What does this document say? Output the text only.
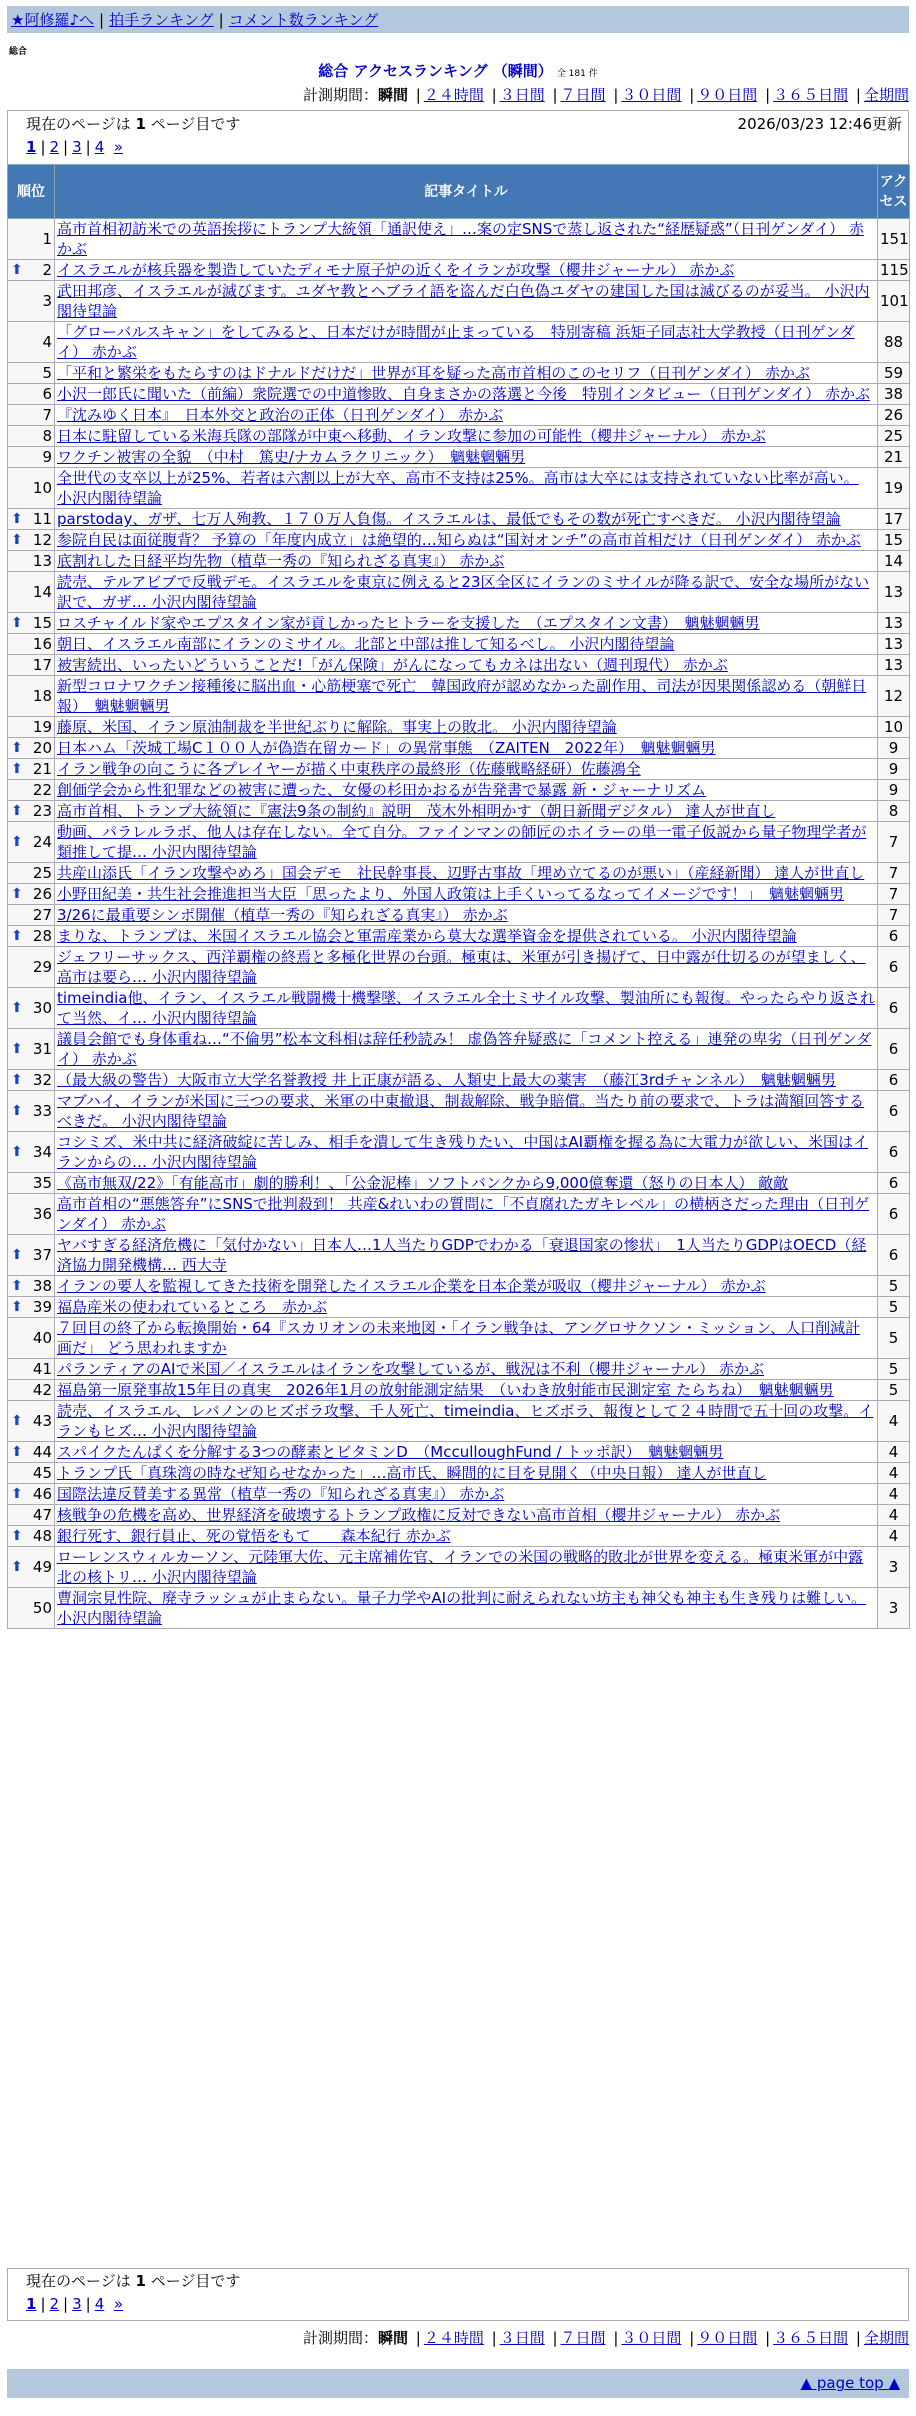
★阿修羅♪へ | 拍手ランキング | コメント数ランキング
総合
総合 アクセスランキング （瞬間） 全 181 件
計測期間：瞬間 | ２４時間 | ３日間 | ７日間 | ３０日間 | ９０日間 | ３６５日間 | 全期間
現在のページは 1 ページ目です	2026/03/23 12:46更新
1 | 2 | 3 | 4 »
順位	記事タイトル	アクセス
1	高市首相初訪米での英語挨拶にトランプ大統領「通訳使え」…案の定SNSで蒸し返された“経歴疑惑”（日刊ゲンダイ） 赤かぶ	151

⬆ 2	イスラエルが核兵器を製造していたディモナ原子炉の近くをイランが攻撃（櫻井ジャーナル） 赤かぶ	115
3	武田邦彦、イスラエルが滅びます。ユダヤ教とヘブライ語を盗んだ白色偽ユダヤの建国した国は滅びるのが妥当。 小沢内閣待望論	101
4	「グローバルスキャン」をしてみると、日本だけが時間が止まっている　特別寄稿 浜矩子同志社大学教授（日刊ゲンダイ） 赤かぶ	88
5	「平和と繁栄をもたらすのはドナルドだけだ」世界が耳を疑った高市首相のこのセリフ（日刊ゲンダイ） 赤かぶ	59
6	小沢一郎氏に聞いた（前編）衆院選での中道惨敗、自身まさかの落選と今後　特別インタビュー（日刊ゲンダイ） 赤かぶ	38
7	『沈みゆく日本』　日本外交と政治の正体（日刊ゲンダイ） 赤かぶ	26
8	日本に駐留している米海兵隊の部隊が中東へ移動、イラン攻撃に参加の可能性（櫻井ジャーナル） 赤かぶ	25
9	ワクチン被害の全貌　（中村　篤史/ナカムラクリニック）　魑魅魍魎男	21
10	全世代の支卒以上が25%、若者は六割以上が大卒、高市不支持は25%。高市は大卒には支持されていない比率が高い。 小沢内閣待望論	19

⬆ 11	parstoday、ガザ、七万人殉教、１７０万人負傷。イスラエルは、最低でもその数が死亡すべきだ。 小沢内閣待望論	17

⬆ 12	参院自民は面従腹背？ 予算の「年度内成立」は絶望的…知らぬは“国対オンチ”の高市首相だけ（日刊ゲンダイ） 赤かぶ	15
13	底割れした日経平均先物（植草一秀の『知られざる真実』） 赤かぶ	14
14	読売、テルアビブで反戦デモ。イスラエルを東京に例えると23区全区にイランのミサイルが降る訳で、安全な場所がない訳で、ガザ… 小沢内閣待望論	13

⬆ 15	ロスチャイルド家やエプスタイン家が貢しかったヒトラーを支援した　（エプスタイン文書）　魑魅魍魎男	13
16	朝日、イスラエル南部にイランのミサイル。北部と中部は推して知るべし。 小沢内閣待望論	13
17	被害続出、いったいどういうことだ!「がん保険」がんになってもカネは出ない（週刊現代） 赤かぶ	13
18	新型コロナワクチン接種後に脳出血・心筋梗塞で死亡　韓国政府が認めなかった副作用、司法が因果関係認める（朝鮮日報）　魑魅魍魎男	12
19	藤原、米国、イラン原油制裁を半世紀ぶりに解除。事実上の敗北。 小沢内閣待望論	10

⬆ 20	日本ハム「茨城工場C１００人が偽造在留カード」の異常事態　（ZAITEN　2022年）　魑魅魍魎男	9

⬆ 21	イラン戦争の向こうに各プレイヤーが描く中東秩序の最終形（佐藤戦略経研）佐藤鴻全	9
22	創価学会から性犯罪などの被害に遭った、女優の杉田かおるが告発書で暴露 新・ジャーナリズム	9

⬆ 23	高市首相、トランプ大統領に『憲法9条の制約』説明　茂木外相明かす（朝日新聞デジタル） 達人が世直し	8

⬆ 24	動画、パラレルラボ、他人は存在しない。全て自分。ファインマンの師匠のホイラーの単一電子仮説から量子物理学者が類推して提… 小沢内閣待望論	7
25	共産山添氏「イラン攻撃やめろ」国会デモ　社民幹事長、辺野古事故「埋め立てるのが悪い」（産経新聞） 達人が世直し	7

⬆ 26	小野田紀美・共生社会推進担当大臣「思ったより、外国人政策は上手くいってるなってイメージです！」　魑魅魍魎男	7
27	3/26に最重要シンポ開催（植草一秀の『知られざる真実』） 赤かぶ	7

⬆ 28	まりな、トランプは、米国イスラエル協会と軍需産業から莫大な選挙資金を提供されている。 小沢内閣待望論	6
29	ジェフリーサックス、西洋覇権の終焉と多極化世界の台頭。極東は、米軍が引き揚げて、日中露が仕切るのが望ましく、高市は要ら… 小沢内閣待望論	6

⬆ 30	timeindia他、イラン、イスラエル戦闘機十機撃墜、イスラエル全土ミサイル攻撃、製油所にも報復。やったらやり返されて当然、イ… 小沢内閣待望論	6

⬆ 31	議員会館でも身体重ね…“不倫男”松本文科相は辞任秒読み！ 虚偽答弁疑惑に「コメント控える」連発の卑劣（日刊ゲンダイ） 赤かぶ	6

⬆ 32	（最大級の警告）大阪市立大学名誉教授 井上正康が語る、人類史上最大の薬害　（藤江3rdチャンネル）　魑魅魍魎男	6

⬆ 33	マブハイ、イランが米国に三つの要求、米軍の中東撤退、制裁解除、戦争賠償。当たり前の要求で、トラは満額回答するべきだ。 小沢内閣待望論	6

⬆ 34	コシミズ、米中共に経済破綻に苦しみ、相手を潰して生き残りたい、中国はAI覇権を握る為に大電力が欲しい、米国はイランからの… 小沢内閣待望論	6
35	《高市無双/22》「有能高市」劇的勝利！、「公金泥棒」ソフトバンクから9,000億奪還（怒りの日本人） 敵敵	6
36	高市首相の“悪態答弁”にSNSで批判殺到！ 共産&れいわの質問に「不貞腐れたガキレベル」の横柄さだった理由（日刊ゲンダイ） 赤かぶ	6

⬆ 37	ヤバすぎる経済危機に「気付かない」日本人…1人当たりGDPでわかる「衰退国家の惨状」　1人当たりGDPはOECD（経済協力開発機構… 西大寺	6

⬆ 38	イランの要人を監視してきた技術を開発したイスラエル企業を日本企業が吸収（櫻井ジャーナル） 赤かぶ	5

⬆ 39	福島産米の使われているところ　赤かぶ	5
40	７回目の終了から転換開始・64『スカリオンの未来地図・「イラン戦争は、アングロサクソン・ミッション、人口削減計画だ」 どう思われますか	5
41	パランティアのAIで米国／イスラエルはイランを攻撃しているが、戦況は不利（櫻井ジャーナル） 赤かぶ	5
42	福島第一原発事故15年目の真実　2026年1月の放射能測定結果　（いわき放射能市民測定室 たらちね）　魑魅魍魎男	5

⬆ 43	読売、イスラエル、レバノンのヒズボラ攻撃、千人死亡、timeindia、ヒズボラ、報復として２４時間で五十回の攻撃。イランもヒズ… 小沢内閣待望論	4

⬆ 44	スパイクたんぱくを分解する3つの酵素とビタミンD　（McculloughFund / トッポ訳）　魑魅魍魎男	4
45	トランプ氏「真珠湾の時なぜ知らせなかった」…高市氏、瞬間的に目を見開く（中央日報） 達人が世直し	4

⬆ 46	国際法違反賛美する異常（植草一秀の『知られざる真実』） 赤かぶ	4
47	核戦争の危機を高め、世界経済を破壊するトランプ政権に反対できない高市首相（櫻井ジャーナル） 赤かぶ	4

⬆ 48	銀行死す、銀行員止、死の覚悟をもて　　森本紀行 赤かぶ	4

⬆ 49	ローレンスウィルカーソン、元陸軍大佐、元主席補佐官、イランでの米国の戦略的敗北が世界を変える。極東米軍が中露北の核トリ… 小沢内閣待望論	3
50	曹洞宗見性院、廃寺ラッシュが止まらない。量子力学やAIの批判に耐えられない坊主も神父も神主も生き残りは難しい。 小沢内閣待望論	3
現在のページは 1 ページ目です
1 | 2 | 3 | 4 »
計測期間：瞬間 | ２４時間 | ３日間 | ７日間 | ３０日間 | ９０日間 | ３６５日間 | 全期間
▲ page top ▲
